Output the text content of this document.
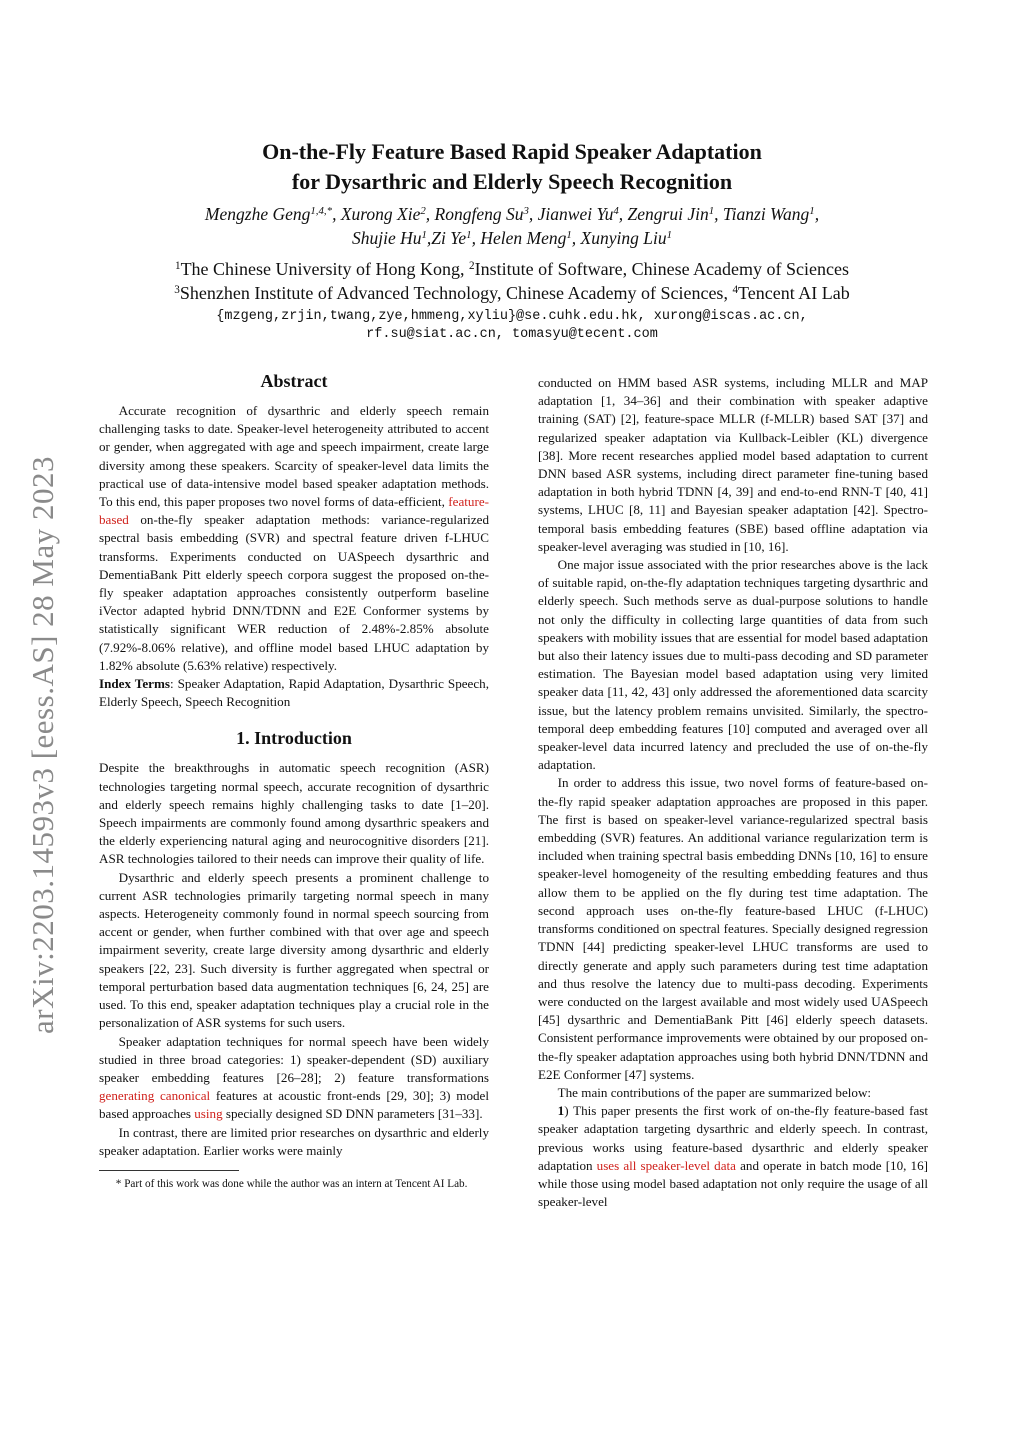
arXiv:2203.14593v3 [eess.AS] 28 May 2023
On-the-Fly Feature Based Rapid Speaker Adaptation
for Dysarthric and Elderly Speech Recognition
Mengzhe Geng$^{1,4,*}$, Xurong Xie$^2$, Rongfeng Su$^3$, Jianwei Yu$^4$, Zengrui Jin$^1$, Tianzi Wang$^1$,
Shujie Hu$^1$,Zi Ye$^1$, Helen Meng$^1$, Xunying Liu$^1$
$^1$The Chinese University of Hong Kong, $^2$Institute of Software, Chinese Academy of Sciences
$^3$Shenzhen Institute of Advanced Technology, Chinese Academy of Sciences, $^4$Tencent AI Lab
{mzgeng,zrjin,twang,zye,hmmeng,xyliu}@se.cuhk.edu.hk, xurong@iscas.ac.cn,
rf.su@siat.ac.cn, tomasyu@tecent.com
Abstract

Accurate recognition of dysarthric and elderly speech remain challenging tasks to date. Speaker-level heterogeneity attributed to accent or gender, when aggregated with age and speech impairment, create large diversity among these speakers. Scarcity of speaker-level data limits the practical use of data-intensive model based speaker adaptation methods. To this end, this paper proposes two novel forms of data-efficient, feature-based on-the-fly speaker adaptation methods: variance-regularized spectral basis embedding (SVR) and spectral feature driven f-LHUC transforms. Experiments conducted on UASpeech dysarthric and DementiaBank Pitt elderly speech corpora suggest the proposed on-the-fly speaker adaptation approaches consistently outperform baseline iVector adapted hybrid DNN/TDNN and E2E Conformer systems by statistically significant WER reduction of 2.48%-2.85% absolute (7.92%-8.06% relative), and offline model based LHUC adaptation by 1.82% absolute (5.63% relative) respectively.

Index Terms: Speaker Adaptation, Rapid Adaptation, Dysarthric Speech, Elderly Speech, Speech Recognition

1. Introduction

Despite the breakthroughs in automatic speech recognition (ASR) technologies targeting normal speech, accurate recognition of dysarthric and elderly speech remains highly challenging tasks to date [1–20]. Speech impairments are commonly found among dysarthric speakers and the elderly experiencing natural aging and neurocognitive disorders [21]. ASR technologies tailored to their needs can improve their quality of life.

Dysarthric and elderly speech presents a prominent challenge to current ASR technologies primarily targeting normal speech in many aspects. Heterogeneity commonly found in normal speech sourcing from accent or gender, when further combined with that over age and speech impairment severity, create large diversity among dysarthric and elderly speakers [22, 23]. Such diversity is further aggregated when spectral or temporal perturbation based data augmentation techniques [6, 24, 25] are used. To this end, speaker adaptation techniques play a crucial role in the personalization of ASR systems for such users.

Speaker adaptation techniques for normal speech have been widely studied in three broad categories: 1) speaker-dependent (SD) auxiliary speaker embedding features [26–28]; 2) feature transformations generating canonical features at acoustic front-ends [29, 30]; 3) model based approaches using specially designed SD DNN parameters [31–33].

In contrast, there are limited prior researches on dysarthric and elderly speaker adaptation. Earlier works were mainly

* Part of this work was done while the author was an intern at Tencent AI Lab.

conducted on HMM based ASR systems, including MLLR and MAP adaptation [1, 34–36] and their combination with speaker adaptive training (SAT) [2], feature-space MLLR (f-MLLR) based SAT [37] and regularized speaker adaptation via Kullback-Leibler (KL) divergence [38]. More recent researches applied model based adaptation to current DNN based ASR systems, including direct parameter fine-tuning based adaptation in both hybrid TDNN [4, 39] and end-to-end RNN-T [40, 41] systems, LHUC [8, 11] and Bayesian speaker adaptation [42]. Spectro-temporal basis embedding features (SBE) based offline adaptation via speaker-level averaging was studied in [10, 16].

One major issue associated with the prior researches above is the lack of suitable rapid, on-the-fly adaptation techniques targeting dysarthric and elderly speech. Such methods serve as dual-purpose solutions to handle not only the difficulty in collecting large quantities of data from such speakers with mobility issues that are essential for model based adaptation but also their latency issues due to multi-pass decoding and SD parameter estimation. The Bayesian model based adaptation using very limited speaker data [11, 42, 43] only addressed the aforementioned data scarcity issue, but the latency problem remains unvisited. Similarly, the spectro-temporal deep embedding features [10] computed and averaged over all speaker-level data incurred latency and precluded the use of on-the-fly adaptation.

In order to address this issue, two novel forms of feature-based on-the-fly rapid speaker adaptation approaches are proposed in this paper. The first is based on speaker-level variance-regularized spectral basis embedding (SVR) features. An additional variance regularization term is included when training spectral basis embedding DNNs [10, 16] to ensure speaker-level homogeneity of the resulting embedding features and thus allow them to be applied on the fly during test time adaptation. The second approach uses on-the-fly feature-based LHUC (f-LHUC) transforms conditioned on spectral features. Specially designed regression TDNN [44] predicting speaker-level LHUC transforms are used to directly generate and apply such parameters during test time adaptation and thus resolve the latency due to multi-pass decoding. Experiments were conducted on the largest available and most widely used UASpeech [45] dysarthric and DementiaBank Pitt [46] elderly speech datasets. Consistent performance improvements were obtained by our proposed on-the-fly speaker adaptation approaches using both hybrid DNN/TDNN and E2E Conformer [47] systems.

The main contributions of the paper are summarized below:

1) This paper presents the first work of on-the-fly feature-based fast speaker adaptation targeting dysarthric and elderly speech. In contrast, previous works using feature-based dysarthric and elderly speaker adaptation uses all speaker-level data and operate in batch mode [10, 16] while those using model based adaptation not only require the usage of all speaker-level
